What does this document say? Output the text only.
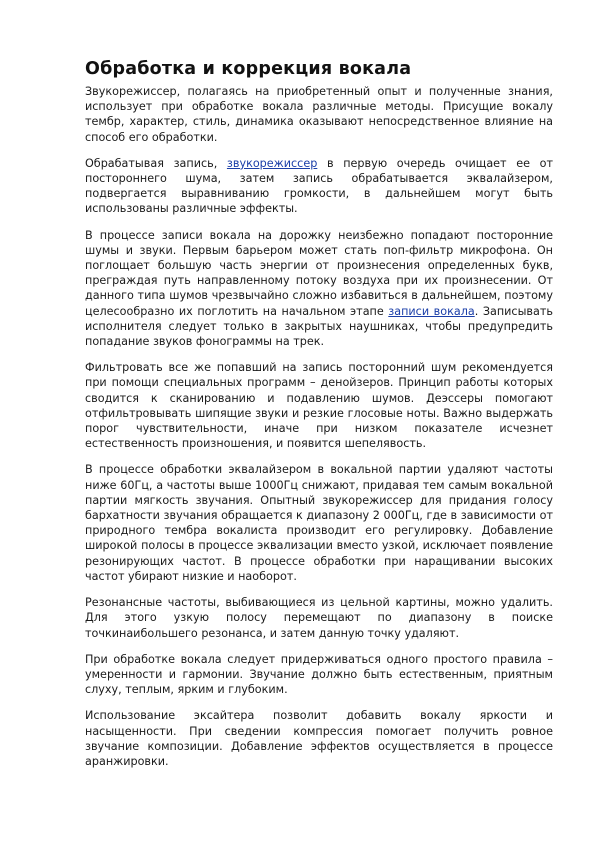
Обработка и коррекция вокала

Звукорежиссер, полагаясь на приобретенный опыт и полученные знания, использует при обработке вокала различные методы. Присущие вокалу тембр, характер, стиль, динамика оказывают непосредственное влияние на способ его обработки.

Обрабатывая запись, звукорежиссер в первую очередь очищает ее от постороннего шума, затем запись обрабатывается эквалайзером, подвергается выравниванию громкости, в дальнейшем могут быть использованы различные эффекты.

В процессе записи вокала на дорожку неизбежно попадают посторонние шумы и звуки. Первым барьером может стать поп-фильтр микрофона. Он поглощает большую часть энергии от произнесения определенных букв, преграждая путь направленному потоку воздуха при их произнесении. От данного типа шумов чрезвычайно сложно избавиться в дальнейшем, поэтому целесообразно их поглотить на начальном этапе записи вокала. Записывать исполнителя следует только в закрытых наушниках, чтобы предупредить попадание звуков фонограммы на трек.

Фильтровать все же попавший на запись посторонний шум рекомендуется при помощи специальных программ – денойзеров. Принцип работы которых сводится к сканированию и подавлению шумов. Деэссеры помогают отфильтровывать шипящие звуки и резкие глосовые ноты. Важно выдержать порог чувствительности, иначе при низком показателе исчезнет естественность произношения, и появится шепелявость.

В процессе обработки эквалайзером в вокальной партии удаляют частоты ниже 60Гц, а частоты выше 1000Гц снижают, придавая тем самым вокальной партии мягкость звучания. Опытный звукорежиссер для придания голосу бархатности звучания обращается к диапазону 2 000Гц, где в зависимости от природного тембра вокалиста производит его регулировку. Добавление широкой полосы в процессе эквализации вместо узкой, исключает появление резонирующих частот. В процессе обработки при наращивании высоких частот убирают низкие и наоборот.

Резонансные частоты, выбивающиеся из цельной картины, можно удалить. Для этого узкую полосу перемещают по диапазону в поиске точкинаибольшего резонанса, и затем данную точку удаляют.

При обработке вокала следует придерживаться одного простого правила – умеренности и гармонии. Звучание должно быть естественным, приятным слуху, теплым, ярким и глубоким.

Использование эксайтера позволит добавить вокалу яркости и насыщенности. При сведении компрессия помогает получить ровное звучание композиции. Добавление эффектов осуществляется в процессе аранжировки.
